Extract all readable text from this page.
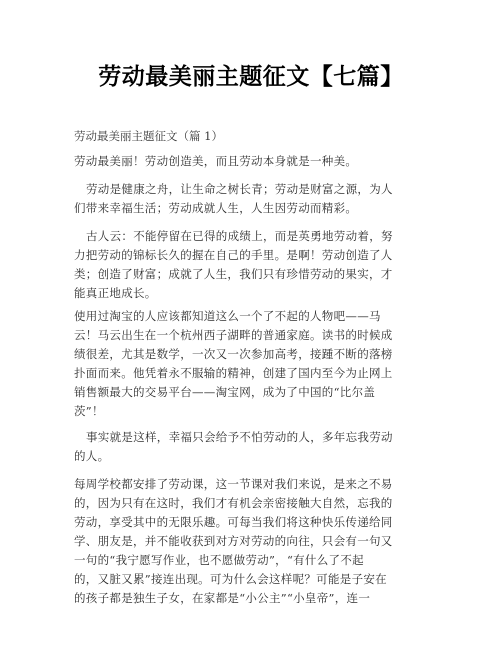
劳动最美丽主题征文【七篇】
劳动最美丽主题征文（篇 1）
劳动最美丽！劳动创造美，而且劳动本身就是一种美。
劳动是健康之舟，让生命之树长青；劳动是财富之源，为人
们带来幸福生活；劳动成就人生，人生因劳动而精彩。
古人云：不能停留在已得的成绩上，而是英勇地劳动着，努
力把劳动的锦标长久的握在自己的手里。是啊！劳动创造了人
类；创造了财富；成就了人生，我们只有珍惜劳动的果实，才
能真正地成长。
使用过淘宝的人应该都知道这么一个了不起的人物吧——马
云！马云出生在一个杭州西子湖畔的普通家庭。读书的时候成
绩很差，尤其是数学，一次又一次参加高考，接踵不断的落榜
扑面而来。他凭着永不服输的精神，创建了国内至今为止网上
销售额最大的交易平台——淘宝网，成为了中国的“比尔盖
茨”！
事实就是这样，幸福只会给予不怕劳动的人，多年忘我劳动
的人。
每周学校都安排了劳动课，这一节课对我们来说，是来之不易
的，因为只有在这时，我们才有机会亲密接触大自然，忘我的
劳动，享受其中的无限乐趣。可每当我们将这种快乐传递给同
学、朋友是，并不能收获到对方对劳动的向往，只会有一句又
一句的“我宁愿写作业，也不愿做劳动”，“有什么了不起
的，又脏又累”接连出现。可为什么会这样呢？可能是子安在
的孩子都是独生子女，在家都是“小公主”“小皇帝”，连一
